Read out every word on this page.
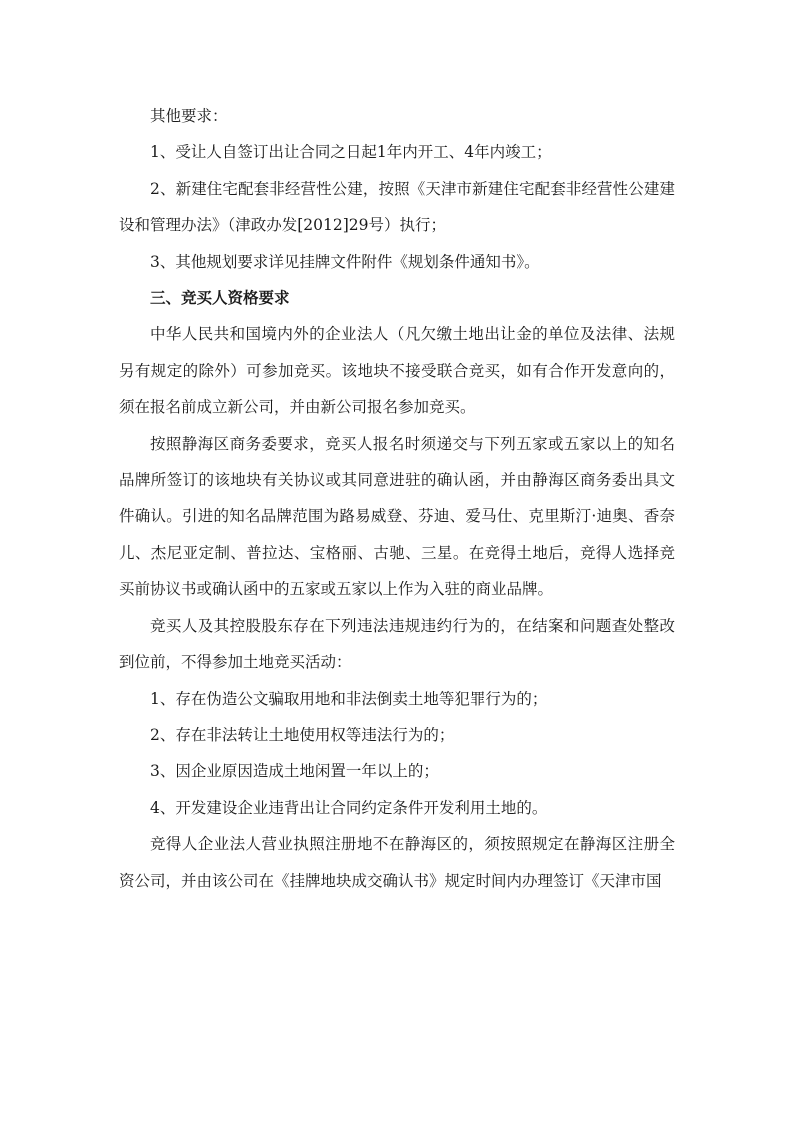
其他要求：

1、受让人自签订出让合同之日起1年内开工、4年内竣工；

2、新建住宅配套非经营性公建，按照《天津市新建住宅配套非经营性公建建设和管理办法》（津政办发[2012]29号）执行；

3、其他规划要求详见挂牌文件附件《规划条件通知书》。

三、竞买人资格要求

中华人民共和国境内外的企业法人（凡欠缴土地出让金的单位及法律、法规另有规定的除外）可参加竞买。该地块不接受联合竞买，如有合作开发意向的，须在报名前成立新公司，并由新公司报名参加竞买。

按照静海区商务委要求，竞买人报名时须递交与下列五家或五家以上的知名品牌所签订的该地块有关协议或其同意进驻的确认函，并由静海区商务委出具文件确认。引进的知名品牌范围为路易威登、芬迪、爱马仕、克里斯汀·迪奥、香奈儿、杰尼亚定制、普拉达、宝格丽、古驰、三星。在竞得土地后，竞得人选择竞买前协议书或确认函中的五家或五家以上作为入驻的商业品牌。

竞买人及其控股股东存在下列违法违规违约行为的，在结案和问题查处整改到位前，不得参加土地竞买活动：

1、存在伪造公文骗取用地和非法倒卖土地等犯罪行为的；

2、存在非法转让土地使用权等违法行为的；

3、因企业原因造成土地闲置一年以上的；

4、开发建设企业违背出让合同约定条件开发利用土地的。

竞得人企业法人营业执照注册地不在静海区的，须按照规定在静海区注册全资公司，并由该公司在《挂牌地块成交确认书》规定时间内办理签订《天津市国
